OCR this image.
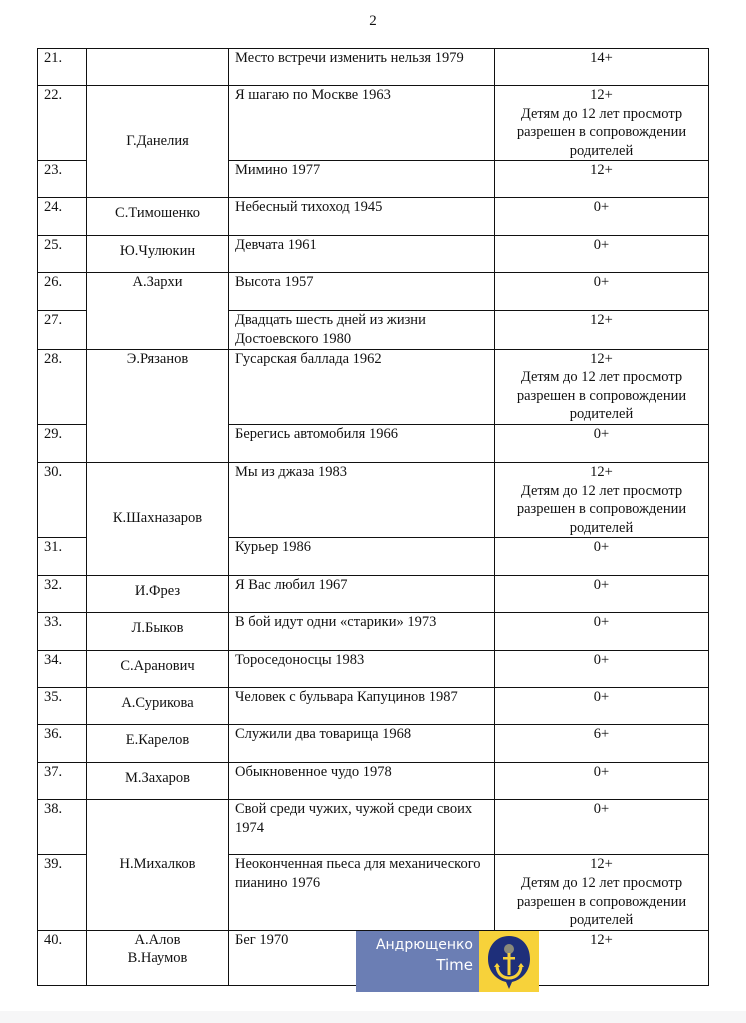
2
21.		Место встречи изменить нельзя 1979	14+

22.	Г.Данелия	Я шагаю по Москве 1963	12+
Детям до 12 лет просмотр разрешен в сопровождении родителей

23.		Мимино 1977	12+

24.	С.Тимошенко	Небесный тихоход 1945	0+

25.	Ю.Чулюкин	Девчата 1961	0+

26.	А.Зархи	Высота 1957	0+

27.		Двадцать шесть дней из жизни Достоевского 1980	12+

28.	Э.Рязанов	Гусарская баллада 1962	12+
Детям до 12 лет просмотр разрешен в сопровождении родителей

29.		Берегись автомобиля 1966	0+

30.	К.Шахназаров	Мы из джаза 1983	12+
Детям до 12 лет просмотр разрешен в сопровождении родителей

31.		Курьер 1986	0+

32.	И.Фрез	Я Вас любил 1967	0+

33.	Л.Быков	В бой идут одни «старики» 1973	0+

34.	С.Аранович	Тороседоносцы 1983	0+

35.	А.Сурикова	Человек с бульвара Капуцинов 1987	0+

36.	Е.Карелов	Служили два товарища 1968	6+

37.	М.Захаров	Обыкновенное чудо 1978	0+

38.	Н.Михалков	Свой среди чужих, чужой среди своих 1974	0+

39.		Неоконченная пьеса для механического пианино 1976	12+
Детям до 12 лет просмотр разрешен в сопровождении родителей

40.	А.Алов
В.Наумов	Бег 1970	12+
Андрющенко
Time
